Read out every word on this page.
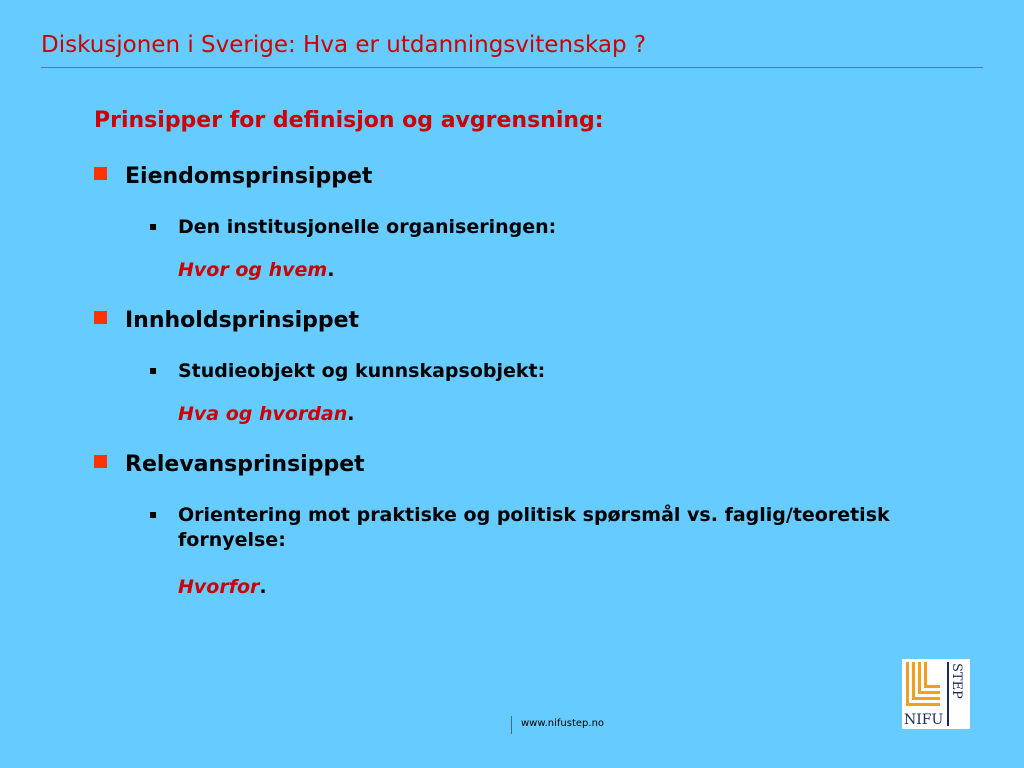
Diskusjonen i Sverige: Hva er utdanningsvitenskap ?
Prinsipper for definisjon og avgrensning:
Eiendomsprinsippet
Den institusjonelle organiseringen:
Hvor og hvem.
Innholdsprinsippet
Studieobjekt og kunnskapsobjekt:
Hva og hvordan.
Relevansprinsippet
Orientering mot praktiske og politisk spørsmål vs. faglig/teoretisk fornyelse:
Hvorfor.
www.nifustep.no	NIFU
STEP
